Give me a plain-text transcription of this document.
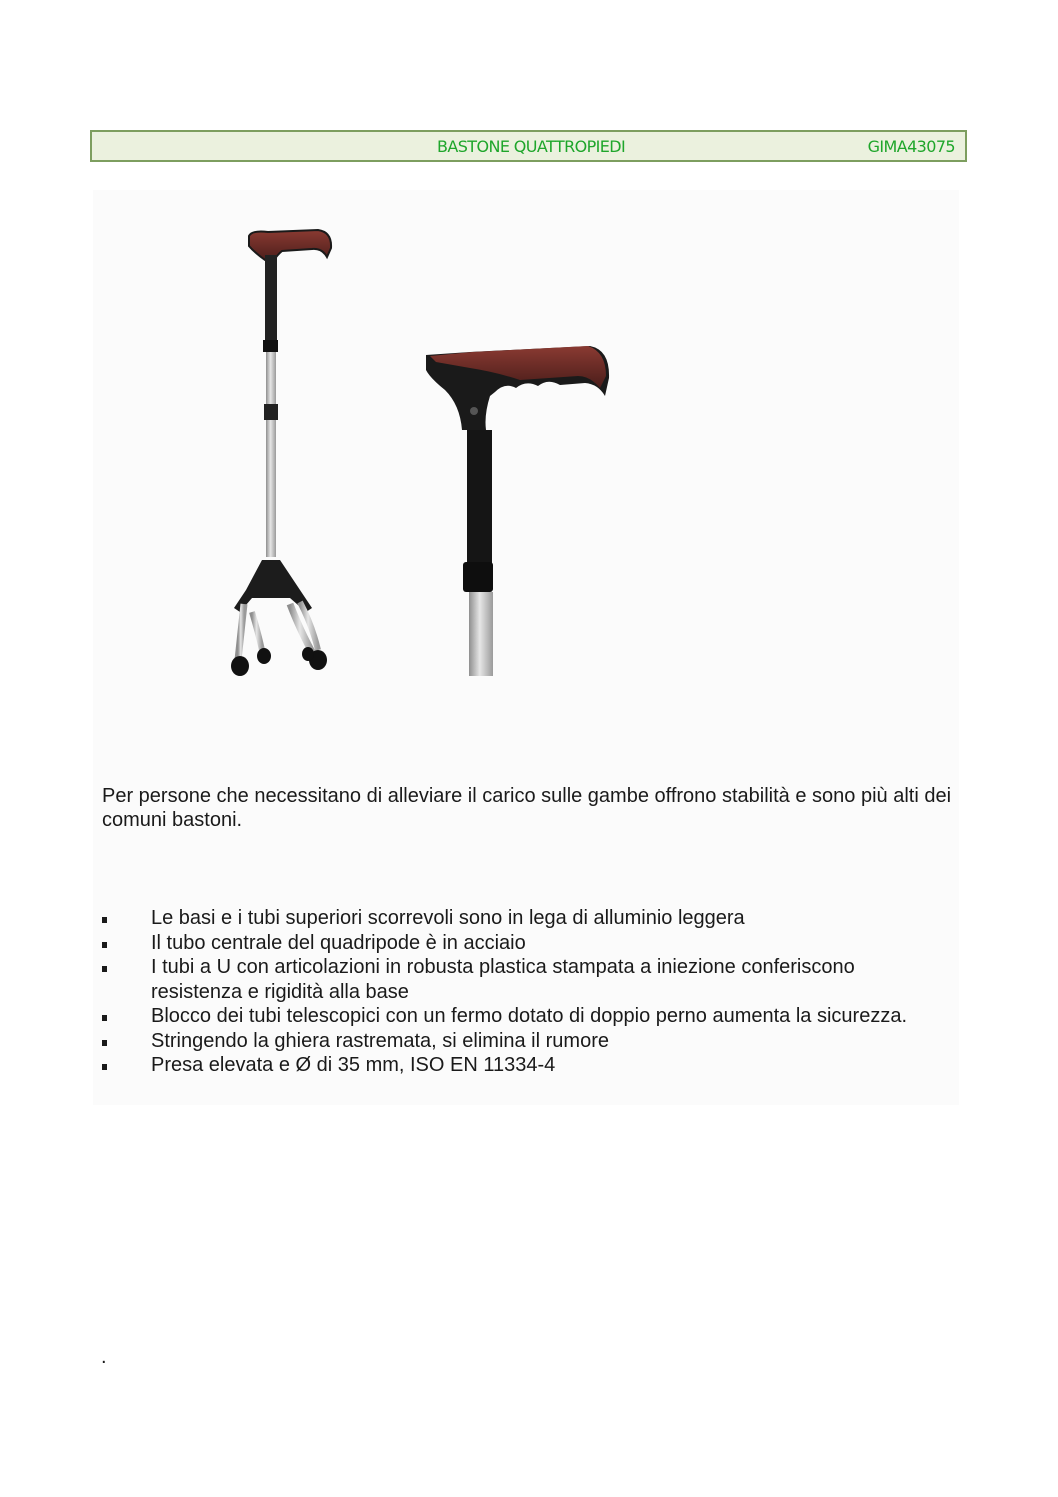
BASTONE QUATTROPIEDI	GIMA43075

Per persone che necessitano di alleviare il carico sulle gambe offrono stabilità e sono più alti dei comuni bastoni.

Le basi e i tubi superiori scorrevoli sono in lega di alluminio leggera
Il tubo centrale del quadripode è in acciaio
I tubi a U con articolazioni in robusta plastica stampata a iniezione conferiscono resistenza e rigidità alla base
Blocco dei tubi telescopici con un fermo dotato di doppio perno aumenta la sicurezza.
Stringendo la ghiera rastremata, si elimina il rumore
Presa elevata e Ø di 35 mm, ISO EN 11334-4
.
